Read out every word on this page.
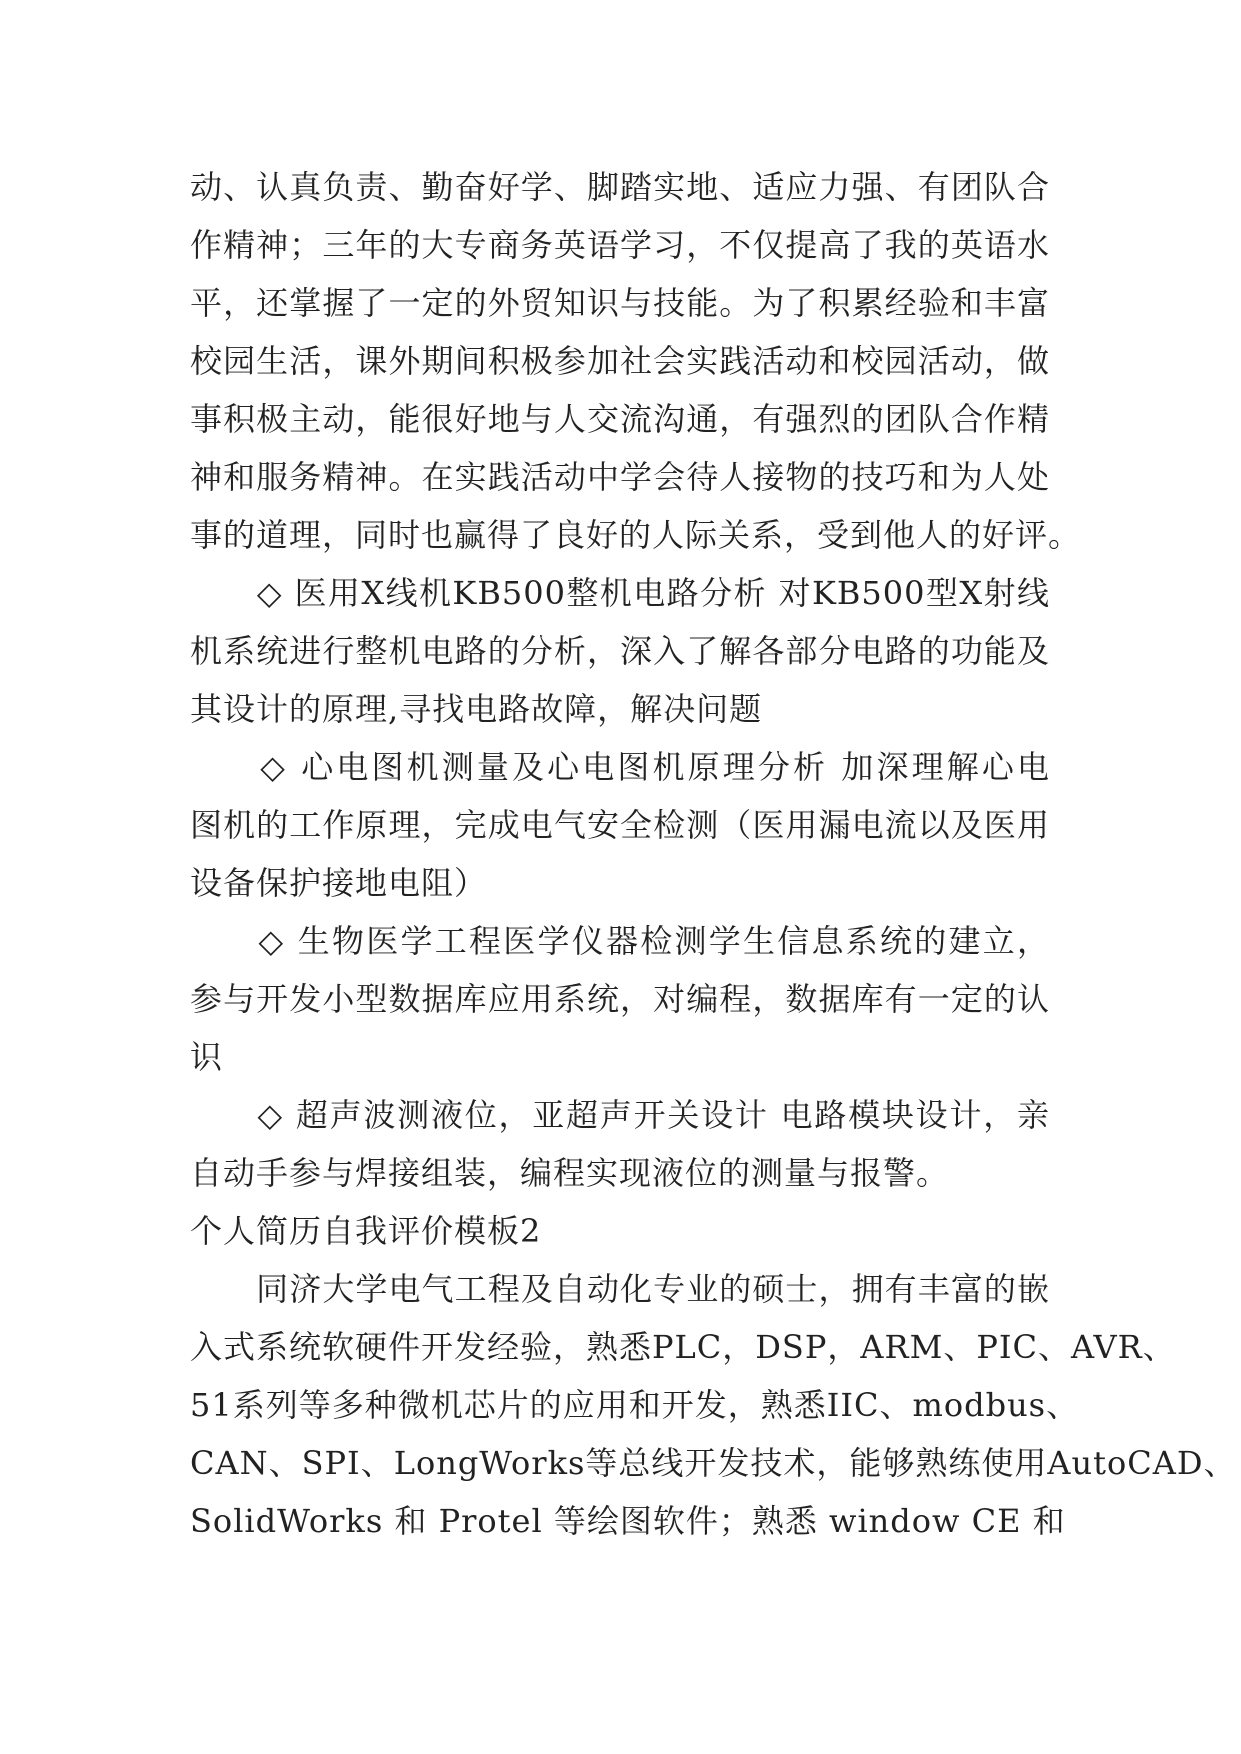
动、认真负责、勤奋好学、脚踏实地、适应力强、有团队合
作精神；三年的大专商务英语学习，不仅提高了我的英语水
平，还掌握了一定的外贸知识与技能。为了积累经验和丰富
校园生活，课外期间积极参加社会实践活动和校园活动，做
事积极主动，能很好地与人交流沟通，有强烈的团队合作精
神和服务精神。在实践活动中学会待人接物的技巧和为人处
事的道理，同时也赢得了良好的人际关系，受到他人的好评。
　　◇ 医用X线机KB500整机电路分析 对KB500型X射线
机系统进行整机电路的分析，深入了解各部分电路的功能及
其设计的原理,寻找电路故障，解决问题
　　◇ 心电图机测量及心电图机原理分析 加深理解心电
图机的工作原理，完成电气安全检测（医用漏电流以及医用
设备保护接地电阻）
　　◇ 生物医学工程医学仪器检测学生信息系统的建立，
参与开发小型数据库应用系统，对编程，数据库有一定的认
识
　　◇ 超声波测液位，亚超声开关设计 电路模块设计，亲
自动手参与焊接组装，编程实现液位的测量与报警。
个人简历自我评价模板2
　　同济大学电气工程及自动化专业的硕士，拥有丰富的嵌
入式系统软硬件开发经验，熟悉PLC，DSP，ARM、PIC、AVR、
51系列等多种微机芯片的应用和开发，熟悉IIC、modbus、
CAN、SPI、LongWorks等总线开发技术，能够熟练使用AutoCAD、
SolidWorks 和 Protel 等绘图软件；熟悉 window CE 和
